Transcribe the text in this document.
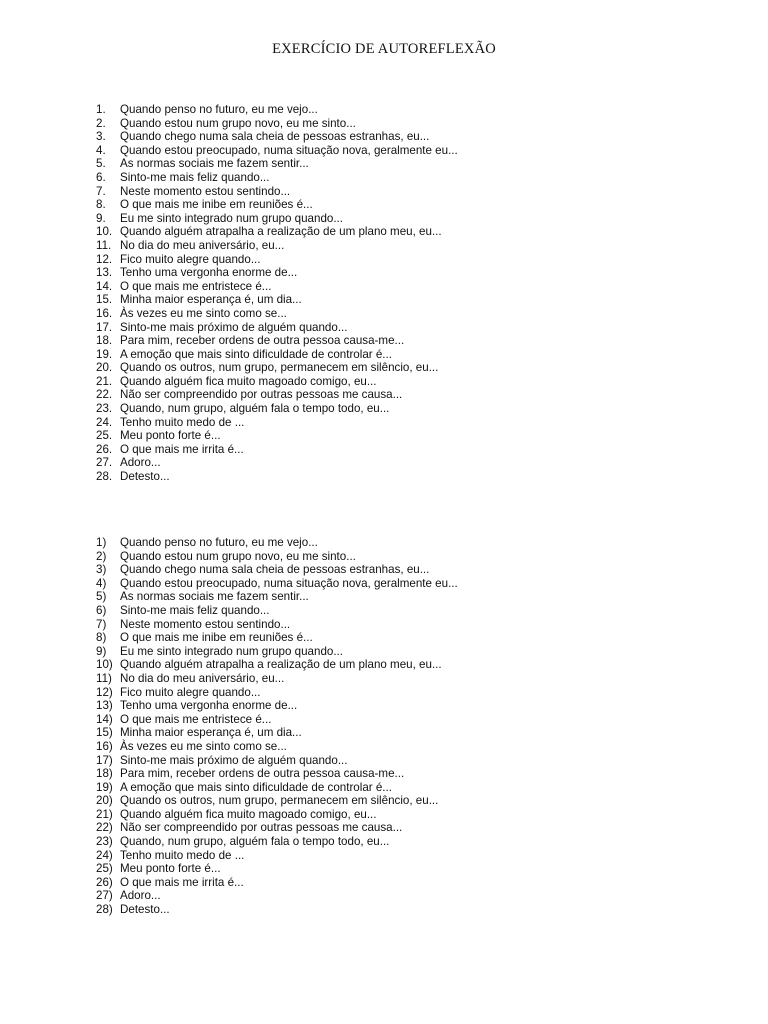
EXERCÍCIO DE AUTOREFLEXÃO
1.	Quando penso no futuro, eu me vejo...
2.	Quando estou num grupo novo, eu me sinto...
3.	Quando chego numa sala cheia de pessoas estranhas, eu...
4.	Quando estou preocupado, numa situação nova, geralmente eu...
5.	As normas sociais me fazem sentir...
6.	Sinto-me mais feliz quando...
7.	Neste momento estou sentindo...
8.	O que mais me inibe em reuniões é...
9.	Eu me sinto integrado num grupo quando...
10. Quando alguém atrapalha a realização de um plano meu, eu...
11. No dia do meu aniversário, eu...
12. Fico muito alegre quando...
13. Tenho uma vergonha enorme de...
14. O que mais me entristece é...
15. Minha maior esperança é, um dia...
16. Às vezes eu me sinto como se...
17. Sinto-me mais próximo de alguém quando...
18. Para mim, receber ordens de outra pessoa causa-me...
19. A emoção que mais sinto dificuldade de controlar é...
20. Quando os outros, num grupo, permanecem em silêncio, eu...
21. Quando alguém fica muito magoado comigo, eu...
22. Não ser compreendido por outras pessoas me causa...
23. Quando, num grupo, alguém fala o tempo todo, eu...
24. Tenho muito medo de ...
25. Meu ponto forte é...
26. O que mais me irrita é...
27. Adoro...
28. Detesto...
1)	Quando penso no futuro, eu me vejo...
2)	Quando estou num grupo novo, eu me sinto...
3)	Quando chego numa sala cheia de pessoas estranhas, eu...
4)	Quando estou preocupado, numa situação nova, geralmente eu...
5)	As normas sociais me fazem sentir...
6)	Sinto-me mais feliz quando...
7)	Neste momento estou sentindo...
8)	O que mais me inibe em reuniões é...
9)	Eu me sinto integrado num grupo quando...
10) Quando alguém atrapalha a realização de um plano meu, eu...
11) No dia do meu aniversário, eu...
12) Fico muito alegre quando...
13) Tenho uma vergonha enorme de...
14) O que mais me entristece é...
15) Minha maior esperança é, um dia...
16) Às vezes eu me sinto como se...
17) Sinto-me mais próximo de alguém quando...
18) Para mim, receber ordens de outra pessoa causa-me...
19) A emoção que mais sinto dificuldade de controlar é...
20) Quando os outros, num grupo, permanecem em silêncio, eu...
21) Quando alguém fica muito magoado comigo, eu...
22) Não ser compreendido por outras pessoas me causa...
23) Quando, num grupo, alguém fala o tempo todo, eu...
24) Tenho muito medo de ...
25) Meu ponto forte é...
26) O que mais me irrita é...
27) Adoro...
28) Detesto...
